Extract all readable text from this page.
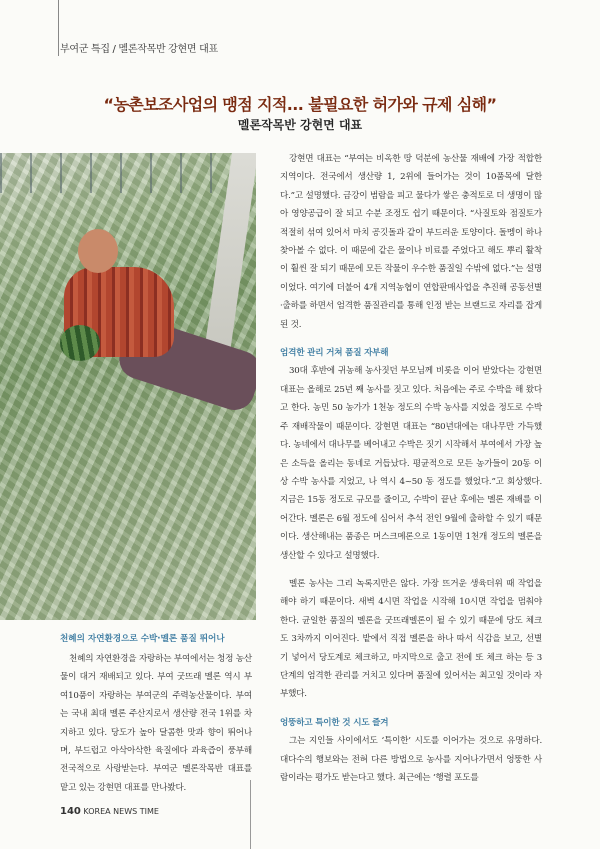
부여군 특집 / 멜론작목반 강현면 대표
“농촌보조사업의 맹점 지적... 불필요한 허가와 규제 심해”
멜론작목반 강현면 대표
천혜의 자연환경으로 수박·멜론 품질 뛰어나

천혜의 자연환경을 자랑하는 부여에서는 청정 농산물이 대거 재배되고 있다. 부여 굿뜨래 멜론 역시 부여10품이 자랑하는 부여군의 주력농산물이다. 부여는 국내 최대 멜론 주산지로서 생산량 전국 1위를 차지하고 있다. 당도가 높아 달콤한 맛과 향이 뛰어나며, 부드럽고 아삭아삭한 육질에다 과육즙이 풍부해 전국적으로 사랑받는다. 부여군 멜론작목반 대표를 맡고 있는 강현면 대표를 만나봤다.

강현면 대표는 “부여는 비옥한 땅 덕분에 농산물 재배에 가장 적합한 지역이다. 전국에서 생산량 1, 2위에 들어가는 것이 10품목에 달한다.”고 설명했다. 금강이 범람을 피고 물다가 쌓은 충적토로 더 생명이 많아 영양공급이 잘 되고 수분 조정도 쉽기 때문이다. “사질토와 점질토가 적절히 섞여 있어서 마치 공깃돌과 같이 부드러운 토양이다. 돌멩이 하나 찾아볼 수 없다. 이 때문에 같은 물이나 비료를 주었다고 해도 뿌리 활착이 훨씬 잘 되기 때문에 모든 작물이 우수한 품질일 수밖에 없다.”는 설명이었다. 여기에 더불어 4개 지역농협이 연합판매사업을 추진해 공동선별·출하를 하면서 엄격한 품질관리를 통해 인정 받는 브랜드로 자리를 잡게 된 것.

엄격한 관리 거쳐 품질 자부해

30대 후반에 귀농해 농사짓던 부모님께 비롯을 이어 받았다는 강현면 대표는 올해로 25년 째 농사를 짓고 있다. 처음에는 주로 수박을 해 왔다고 한다. 농민 50 농가가 1천농 정도의 수박 농사를 지었을 정도로 수박 주 재배작물이 때문이다. 강현면 대표는 “80년대에는 대나무만 가득했다. 농네에서 대나무를 베어내고 수박은 짓기 시작해서 부여에서 가장 높은 소득을 올리는 동네로 거듭났다. 평균적으로 모든 농가들이 20동 이상 수박 농사를 지었고, 나 역시 4~50 동 정도를 했었다.”고 회상했다. 지금은 15동 정도로 규모를 줄이고, 수박이 끝난 후에는 멜론 재배를 이어간다. 멜론은 6월 정도에 심어서 추석 전인 9월에 출하할 수 있기 때문이다. 생산해내는 품종은 머스크메론으로 1동이면 1천개 정도의 멜론을 생산할 수 있다고 설명했다.

멜론 농사는 그리 녹록지만은 않다. 가장 뜨거운 생육더위 때 작업을 해야 하기 때문이다. 새벽 4시면 작업을 시작해 10시면 작업을 멈춰야 한다. 균일한 품질의 멜론을 굿뜨래멜론이 될 수 있기 때문에 당도 체크도 3차까지 이어진다. 밭에서 직접 멜론을 하나 따서 식감을 보고, 선별기 넣어서 당도계로 체크하고, 마지막으로 출고 전에 또 체크 하는 등 3단계의 엄격한 관리를 거치고 있다며 품질에 있어서는 최고일 것이라 자부했다.

엉뚱하고 특이한 것 시도 즐겨

그는 지인들 사이에서도 ‘특이한’ 시도를 이어가는 것으로 유명하다. 대다수의 행보와는 전혀 다른 방법으로 농사를 지어나가면서 엉뚱한 사람이라는 평가도 받는다고 했다. 최근에는 ‘행렬 포도를

140 KOREA NEWS TIME
